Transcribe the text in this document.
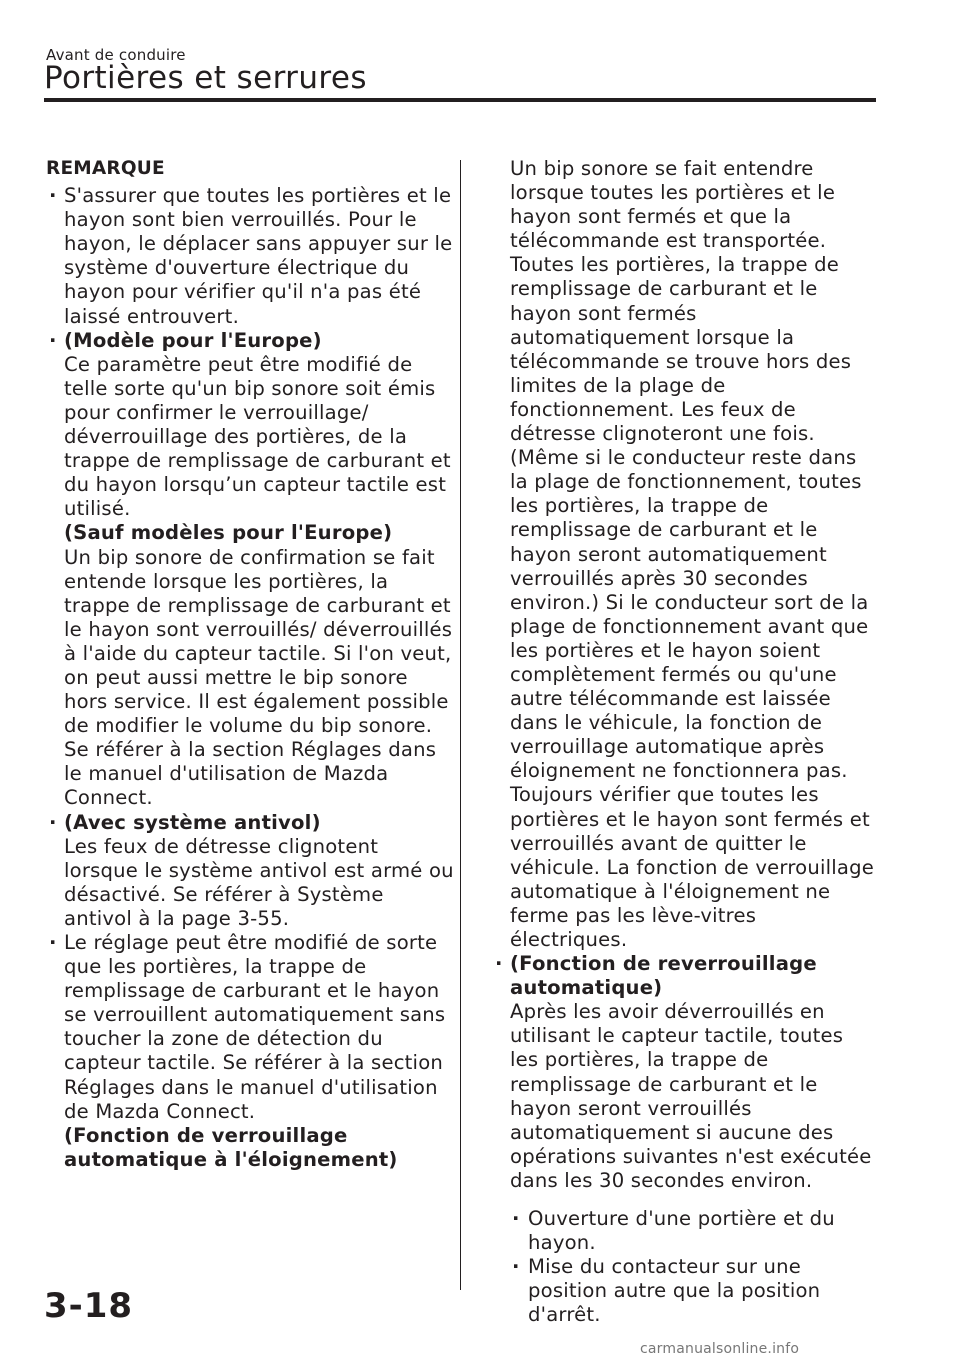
Avant de conduire
Portières et serrures
REMARQUE
· S'assurer que toutes les portières et le hayon sont bien verrouillés. Pour le hayon, le déplacer sans appuyer sur le système d'ouverture électrique du hayon pour vérifier qu'il n'a pas été laissé entrouvert.
· (Modèle pour l'Europe)
Ce paramètre peut être modifié de telle sorte qu'un bip sonore soit émis pour confirmer le verrouillage/ déverrouillage des portières, de la trappe de remplissage de carburant et du hayon lorsqu’un capteur tactile est utilisé.
(Sauf modèles pour l'Europe)
Un bip sonore de confirmation se fait entende lorsque les portières, la trappe de remplissage de carburant et le hayon sont verrouillés/ déverrouillés à l'aide du capteur tactile. Si l'on veut, on peut aussi mettre le bip sonore hors service. Il est également possible de modifier le volume du bip sonore. Se référer à la section Réglages dans le manuel d'utilisation de Mazda Connect.
· (Avec système antivol)
Les feux de détresse clignotent lorsque le système antivol est armé ou désactivé. Se référer à Système antivol à la page 3-55.
· Le réglage peut être modifié de sorte que les portières, la trappe de remplissage de carburant et le hayon se verrouillent automatiquement sans toucher la zone de détection du capteur tactile. Se référer à la section Réglages dans le manuel d'utilisation de Mazda Connect.
(Fonction de verrouillage automatique à l'éloignement)
Un bip sonore se fait entendre lorsque toutes les portières et le hayon sont fermés et que la télécommande est transportée. Toutes les portières, la trappe de remplissage de carburant et le hayon sont fermés automatiquement lorsque la télécommande se trouve hors des limites de la plage de fonctionnement. Les feux de détresse clignoteront une fois. (Même si le conducteur reste dans la plage de fonctionnement, toutes les portières, la trappe de remplissage de carburant et le hayon seront automatiquement verrouillés après 30 secondes environ.) Si le conducteur sort de la plage de fonctionnement avant que les portières et le hayon soient complètement fermés ou qu'une autre télécommande est laissée dans le véhicule, la fonction de verrouillage automatique après éloignement ne fonctionnera pas. Toujours vérifier que toutes les portières et le hayon sont fermés et verrouillés avant de quitter le véhicule. La fonction de verrouillage automatique à l'éloignement ne ferme pas les lève-vitres électriques.
· (Fonction de reverrouillage automatique)
Après les avoir déverrouillés en utilisant le capteur tactile, toutes les portières, la trappe de remplissage de carburant et le hayon seront verrouillés automatiquement si aucune des opérations suivantes n'est exécutée dans les 30 secondes environ.
· Ouverture d'une portière et du hayon.
· Mise du contacteur sur une position autre que la position d'arrêt.
3-18
carmanualsonline.info
